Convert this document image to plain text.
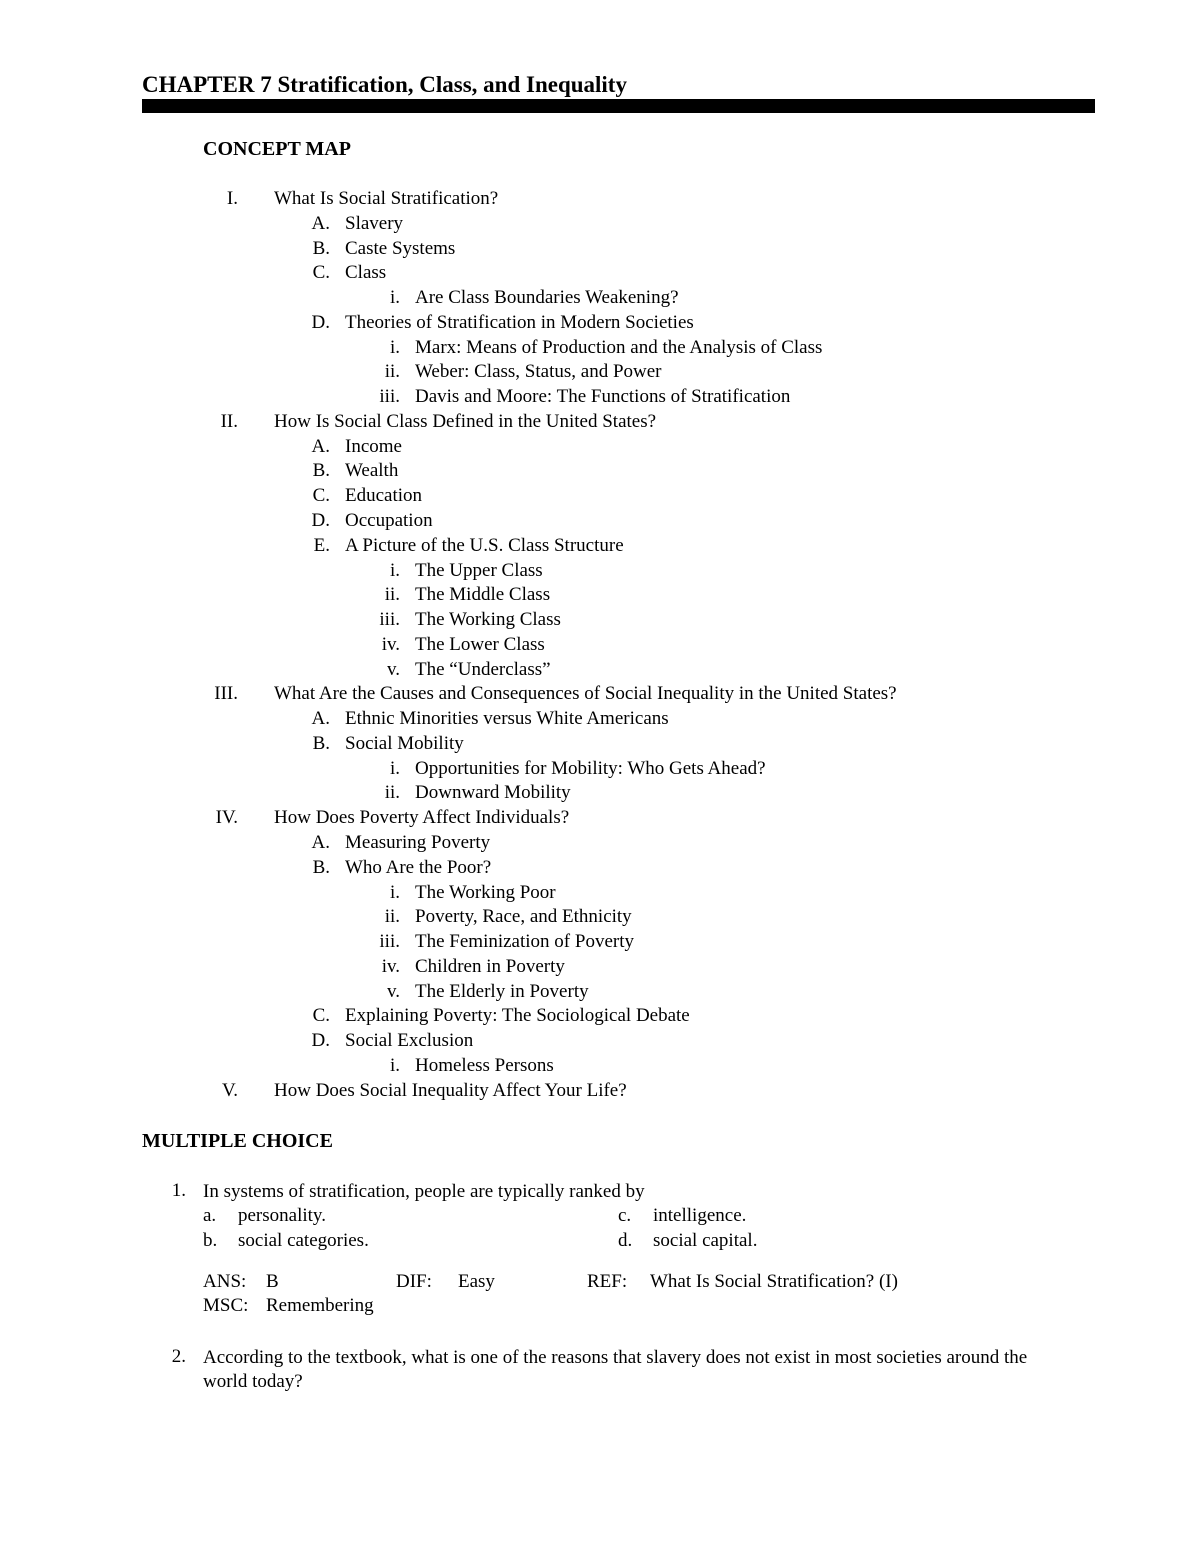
CHAPTER 7 Stratification, Class, and Inequality
CONCEPT MAP
I. What Is Social Stratification?
A. Slavery
B. Caste Systems
C. Class
i. Are Class Boundaries Weakening?
D. Theories of Stratification in Modern Societies
i. Marx: Means of Production and the Analysis of Class
ii. Weber: Class, Status, and Power
iii. Davis and Moore: The Functions of Stratification
II. How Is Social Class Defined in the United States?
A. Income
B. Wealth
C. Education
D. Occupation
E. A Picture of the U.S. Class Structure
i. The Upper Class
ii. The Middle Class
iii. The Working Class
iv. The Lower Class
v. The “Underclass”
III. What Are the Causes and Consequences of Social Inequality in the United States?
A. Ethnic Minorities versus White Americans
B. Social Mobility
i. Opportunities for Mobility: Who Gets Ahead?
ii. Downward Mobility
IV. How Does Poverty Affect Individuals?
A. Measuring Poverty
B. Who Are the Poor?
i. The Working Poor
ii. Poverty, Race, and Ethnicity
iii. The Feminization of Poverty
iv. Children in Poverty
v. The Elderly in Poverty
C. Explaining Poverty: The Sociological Debate
D. Social Exclusion
i. Homeless Persons
V. How Does Social Inequality Affect Your Life?
MULTIPLE CHOICE
1. In systems of stratification, people are typically ranked by
a. personality.
b. social categories.
c. intelligence.
d. social capital.
ANS: B	DIF: Easy	REF: What Is Social Stratification? (I)
MSC: Remembering
2. According to the textbook, what is one of the reasons that slavery does not exist in most societies around the world today?
